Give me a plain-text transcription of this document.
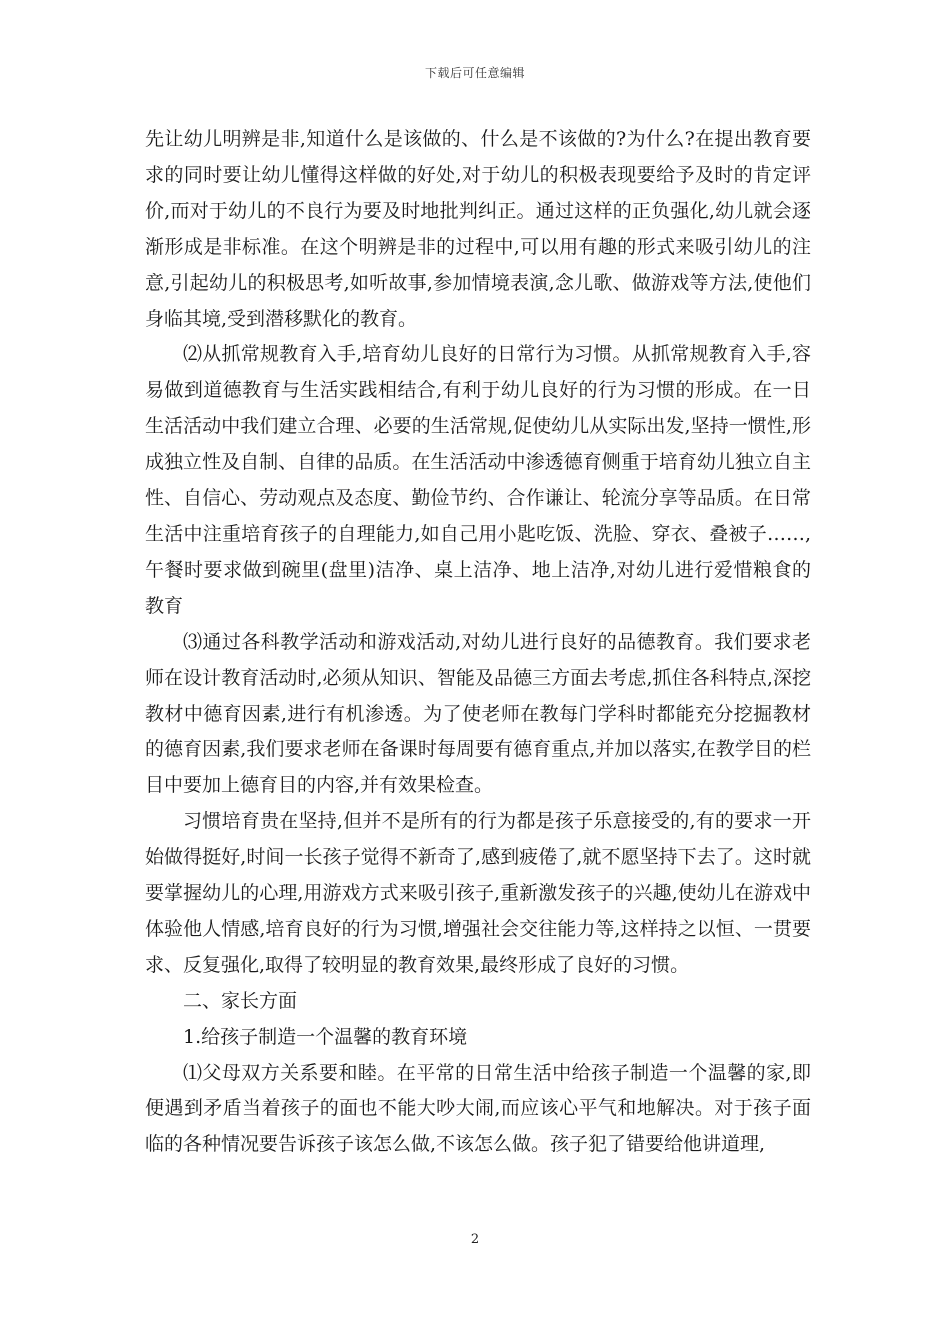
下载后可任意编辑

先让幼儿明辨是非,知道什么是该做的、什么是不该做的?为什么?在提出教育要求的同时要让幼儿懂得这样做的好处,对于幼儿的积极表现要给予及时的肯定评价,而对于幼儿的不良行为要及时地批判纠正。通过这样的正负强化,幼儿就会逐渐形成是非标准。在这个明辨是非的过程中,可以用有趣的形式来吸引幼儿的注意,引起幼儿的积极思考,如听故事,参加情境表演,念儿歌、做游戏等方法,使他们身临其境,受到潜移默化的教育。

⑵从抓常规教育入手,培育幼儿良好的日常行为习惯。从抓常规教育入手,容易做到道德教育与生活实践相结合,有利于幼儿良好的行为习惯的形成。在一日生活活动中我们建立合理、必要的生活常规,促使幼儿从实际出发,坚持一惯性,形成独立性及自制、自律的品质。在生活活动中渗透德育侧重于培育幼儿独立自主性、自信心、劳动观点及态度、勤俭节约、合作谦让、轮流分享等品质。在日常生活中注重培育孩子的自理能力,如自己用小匙吃饭、洗脸、穿衣、叠被子……,午餐时要求做到碗里(盘里)洁净、桌上洁净、地上洁净,对幼儿进行爱惜粮食的教育

⑶通过各科教学活动和游戏活动,对幼儿进行良好的品德教育。我们要求老师在设计教育活动时,必须从知识、智能及品德三方面去考虑,抓住各科特点,深挖教材中德育因素,进行有机渗透。为了使老师在教每门学科时都能充分挖掘教材的德育因素,我们要求老师在备课时每周要有德育重点,并加以落实,在教学目的栏目中要加上德育目的内容,并有效果检查。

习惯培育贵在坚持,但并不是所有的行为都是孩子乐意接受的,有的要求一开始做得挺好,时间一长孩子觉得不新奇了,感到疲倦了,就不愿坚持下去了。这时就要掌握幼儿的心理,用游戏方式来吸引孩子,重新激发孩子的兴趣,使幼儿在游戏中体验他人情感,培育良好的行为习惯,增强社会交往能力等,这样持之以恒、一贯要求、反复强化,取得了较明显的教育效果,最终形成了良好的习惯。

二、家长方面

1.给孩子制造一个温馨的教育环境

⑴父母双方关系要和睦。在平常的日常生活中给孩子制造一个温馨的家,即便遇到矛盾当着孩子的面也不能大吵大闹,而应该心平气和地解决。对于孩子面临的各种情况要告诉孩子该怎么做,不该怎么做。孩子犯了错要给他讲道理,

2
